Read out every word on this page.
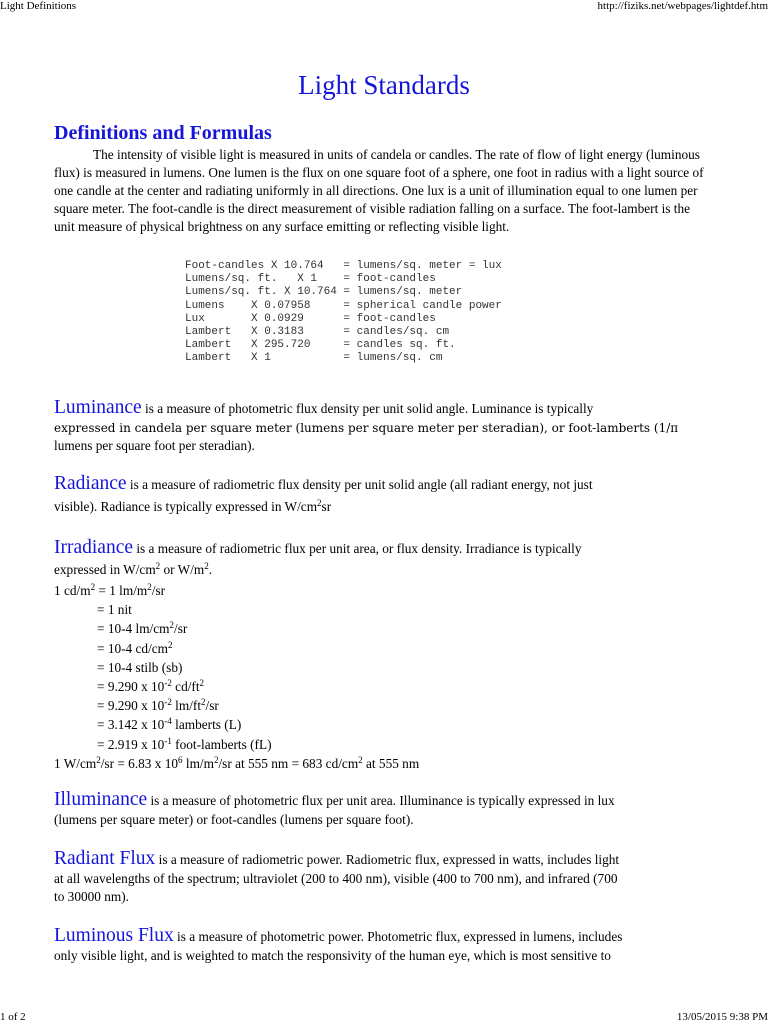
Light Definitions	http://fiziks.net/webpages/lightdef.htm
Light Standards
Definitions and Formulas
The intensity of visible light is measured in units of candela or candles. The rate of flow of light energy (luminous flux) is measured in lumens. One lumen is the flux on one square foot of a sphere, one foot in radius with a light source of one candle at the center and radiating uniformly in all directions. One lux is a unit of illumination equal to one lumen per square meter. The foot-candle is the direct measurement of visible radiation falling on a surface. The foot-lambert is the unit measure of physical brightness on any surface emitting or reflecting visible light.
Foot-candles X 10.764   = lumens/sq. meter = lux
Lumens/sq. ft.   X 1    = foot-candles
Lumens/sq. ft. X 10.764 = lumens/sq. meter
Lumens    X 0.07958     = spherical candle power
Lux       X 0.0929      = foot-candles
Lambert   X 0.3183      = candles/sq. cm
Lambert   X 295.720     = candles sq. ft.
Lambert   X 1           = lumens/sq. cm
Luminance is a measure of photometric flux density per unit solid angle. Luminance is typically
expressed in candela per square meter (lumens per square meter per steradian), or foot-lamberts (1/π
lumens per square foot per steradian).
Radiance is a measure of radiometric flux density per unit solid angle (all radiant energy, not just
visible). Radiance is typically expressed in $W/cm^2sr$
Irradiance is a measure of radiometric flux per unit area, or flux density. Irradiance is typically
expressed in $W/cm^2$ or $W/m^2$.
1 $cd/m^2 = 1$ $lm/m^2/sr$
= 1 nit
= 10-4 $lm/cm^2/sr$
= 10-4 $cd/cm^2$
= 10-4 stilb (sb)
= 9.290 x $10^{-2}$ $cd/ft^2$
= 9.290 x $10^{-2}$ $lm/ft^2/sr$
= 3.142 x $10^{-4}$ lamberts (L)
= 2.919 x $10^{-1}$ foot-lamberts (fL)
1 $W/cm^2/sr = 6.83$ x $10^6$ $lm/m^2/sr$ at 555 nm = 683 $cd/cm^2$ at 555 nm
Illuminance is a measure of photometric flux per unit area. Illuminance is typically expressed in lux
(lumens per square meter) or foot-candles (lumens per square foot).
Radiant Flux is a measure of radiometric power. Radiometric flux, expressed in watts, includes light
at all wavelengths of the spectrum; ultraviolet (200 to 400 nm), visible (400 to 700 nm), and infrared (700
to 30000 nm).
Luminous Flux is a measure of photometric power. Photometric flux, expressed in lumens, includes
only visible light, and is weighted to match the responsivity of the human eye, which is most sensitive to
1 of 2	13/05/2015 9:38 PM
